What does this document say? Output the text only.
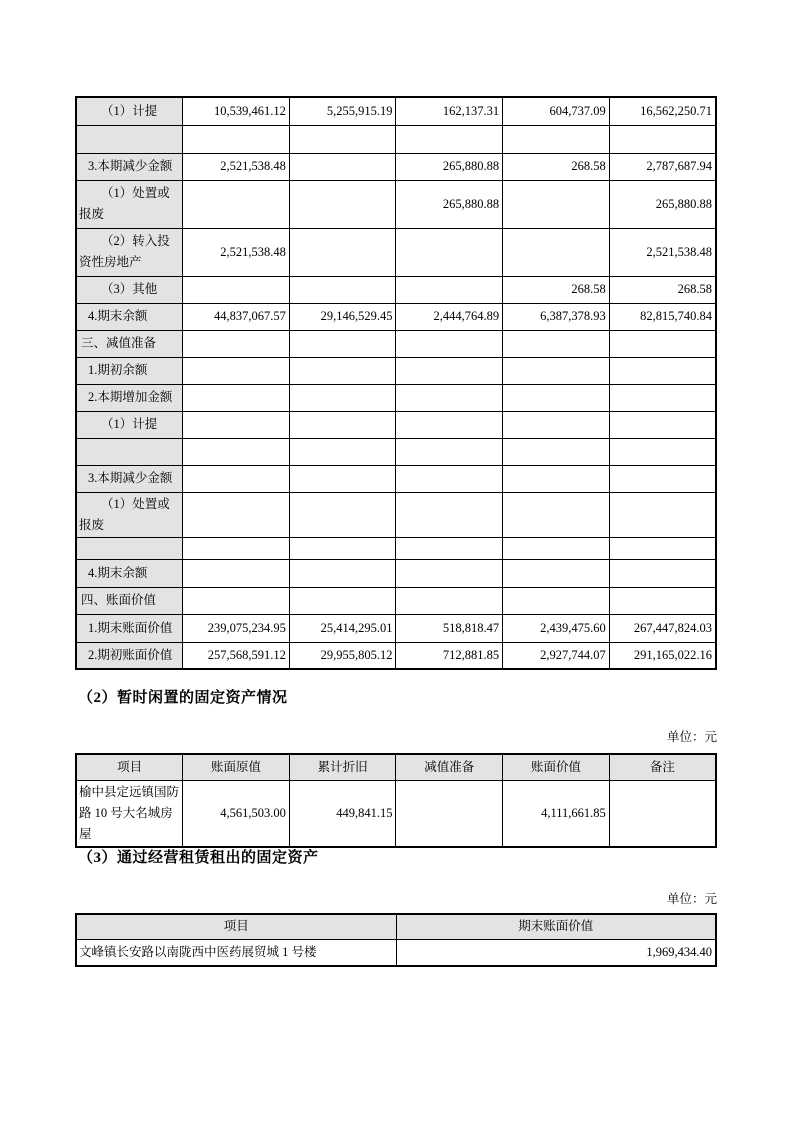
（1）计提	10,539,461.12	5,255,915.19	162,137.31	604,737.09	16,562,250.71

3.本期减少金额	2,521,538.48		265,880.88	268.58	2,787,687.94
（1）处置或报废			265,880.88		265,880.88
（2）转入投资性房地产	2,521,538.48				2,521,538.48
（3）其他				268.58	268.58
4.期末余额	44,837,067.57	29,146,529.45	2,444,764.89	6,387,378.93	82,815,740.84
三、减值准备					
1.期初余额					
2.本期增加金额					
（1）计提					

3.本期减少金额					
（1）处置或报废					

4.期末余额					
四、账面价值					
1.期末账面价值	239,075,234.95	25,414,295.01	518,818.47	2,439,475.60	267,447,824.03
2.期初账面价值	257,568,591.12	29,955,805.12	712,881.85	2,927,744.07	291,165,022.16
（2）暂时闲置的固定资产情况
单位：元
项目	账面原值	累计折旧	减值准备	账面价值	备注
榆中县定远镇国防路 10 号大名城房屋	4,561,503.00	449,841.15		4,111,661.85	
（3）通过经营租赁租出的固定资产
单位：元
项目	期末账面价值
文峰镇长安路以南陇西中医药展贸城 1 号楼	1,969,434.40
